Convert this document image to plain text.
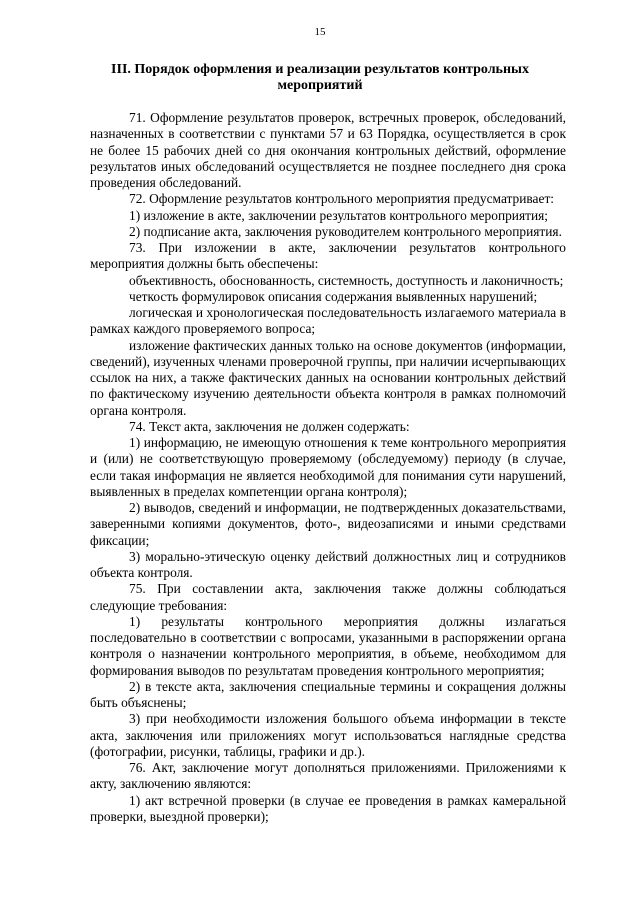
15
III. Порядок оформления и реализации результатов контрольных
мероприятий

71. Оформление результатов проверок, встречных проверок, обследований, назначенных в соответствии с пунктами 57 и 63 Порядка, осуществляется в срок не более 15 рабочих дней со дня окончания контрольных действий, оформление результатов иных обследований осуществляется не позднее последнего дня срока проведения обследований.

72. Оформление результатов контрольного мероприятия предусматривает:

1) изложение в акте, заключении результатов контрольного мероприятия;

2) подписание акта, заключения руководителем контрольного мероприятия.

73. При изложении в акте, заключении результатов контрольного мероприятия должны быть обеспечены:

объективность, обоснованность, системность, доступность и лаконичность;

четкость формулировок описания содержания выявленных нарушений;

логическая и хронологическая последовательность излагаемого материала в рамках каждого проверяемого вопроса;

изложение фактических данных только на основе документов (информации, сведений), изученных членами проверочной группы, при наличии исчерпывающих ссылок на них, а также фактических данных на основании контрольных действий по фактическому изучению деятельности объекта контроля в рамках полномочий органа контроля.

74. Текст акта, заключения не должен содержать:

1) информацию, не имеющую отношения к теме контрольного мероприятия и (или) не соответствующую проверяемому (обследуемому) периоду (в случае, если такая информация не является необходимой для понимания сути нарушений, выявленных в пределах компетенции органа контроля);

2) выводов, сведений и информации, не подтвержденных доказательствами, заверенными копиями документов, фото-, видеозаписями и иными средствами фиксации;

3) морально-этическую оценку действий должностных лиц и сотрудников объекта контроля.

75. При составлении акта, заключения также должны соблюдаться следующие требования:

1) результаты контрольного мероприятия должны излагаться последовательно в соответствии с вопросами, указанными в распоряжении органа контроля о назначении контрольного мероприятия, в объеме, необходимом для формирования выводов по результатам проведения контрольного мероприятия;

2) в тексте акта, заключения специальные термины и сокращения должны быть объяснены;

3) при необходимости изложения большого объема информации в тексте акта, заключения или приложениях могут использоваться наглядные средства (фотографии, рисунки, таблицы, графики и др.).

76. Акт, заключение могут дополняться приложениями. Приложениями к акту, заключению являются:

1) акт встречной проверки (в случае ее проведения в рамках камеральной проверки, выездной проверки);
